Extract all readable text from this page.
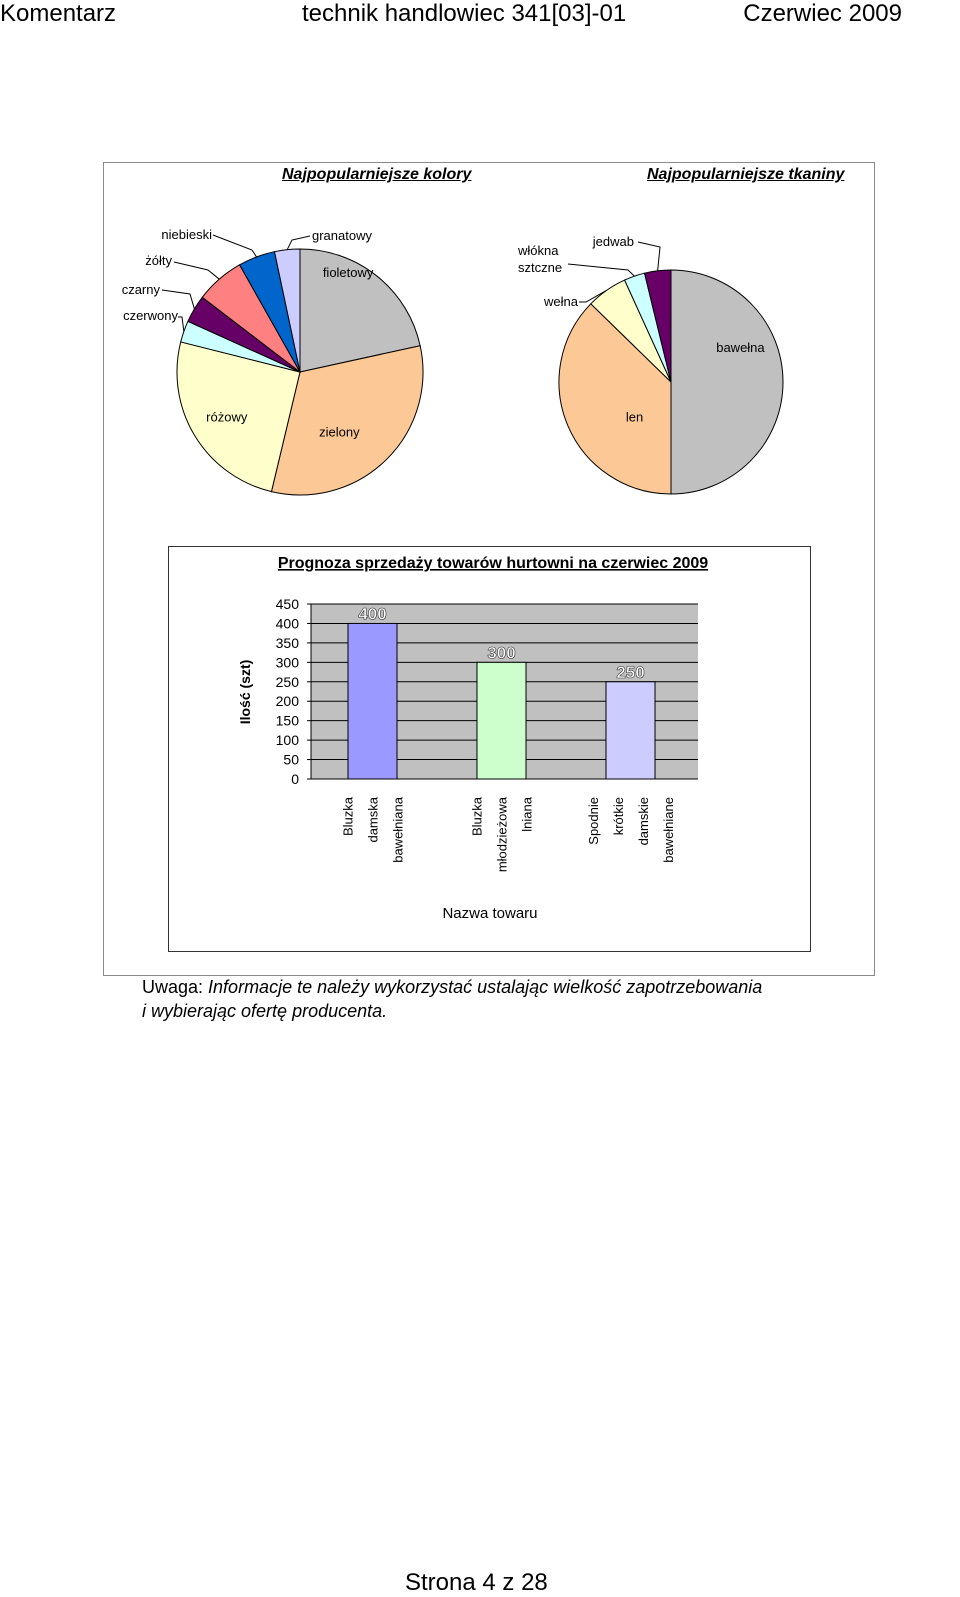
Komentarz	technik handlowiec 341[03]-01	Czerwiec 2009
Najpopularniejsze kolory	Najpopularniejsze tkaniny
fioletowy
zielony
różowy
czerwony
czarny
żółty
niebieski	granatowy
bawełna
len
wełna
włókna sztczne
jedwab
Prognoza sprzedaży towarów hurtowni na czerwiec 2009
0
50
100
150
200
250
300
350
400
450
400
Bluzka damska bawełniana
300
Bluzka młodzieżowa lniana
250
Spodnie krótkie damskie bawełniane
Ilość (szt)
Nazwa towaru
Uwaga: Informacje te należy wykorzystać ustalając wielkość zapotrzebowania
i wybierając ofertę producenta.
Strona 4 z 28
